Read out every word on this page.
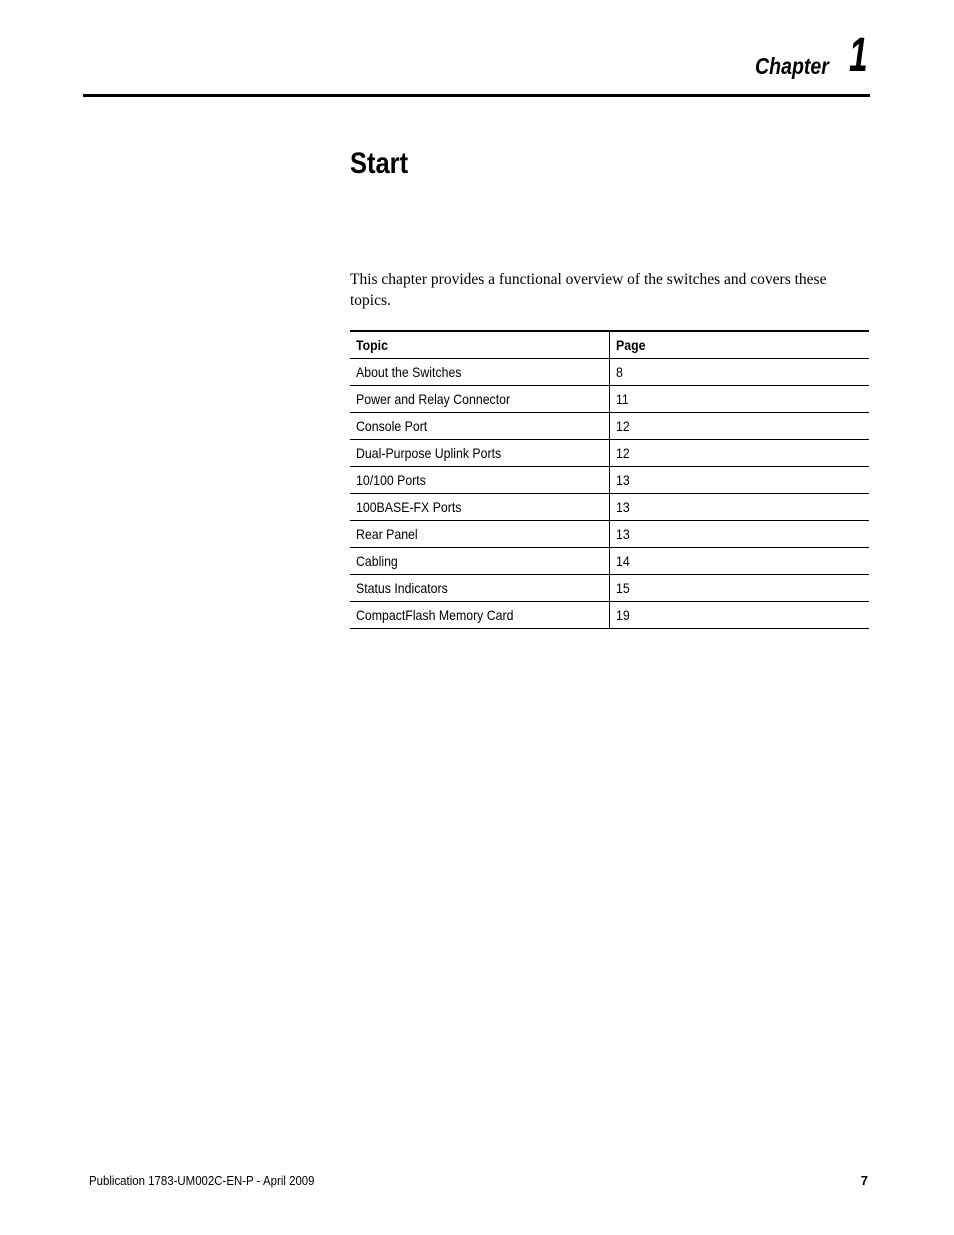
Chapter 1
Start

This chapter provides a functional overview of the switches and covers these topics.

Topic	Page
About the Switches	8
Power and Relay Connector	11
Console Port	12
Dual-Purpose Uplink Ports	12
10/100 Ports	13
100BASE-FX Ports	13
Rear Panel	13
Cabling	14
Status Indicators	15
CompactFlash Memory Card	19
Publication 1783-UM002C-EN-P - April 2009	7
